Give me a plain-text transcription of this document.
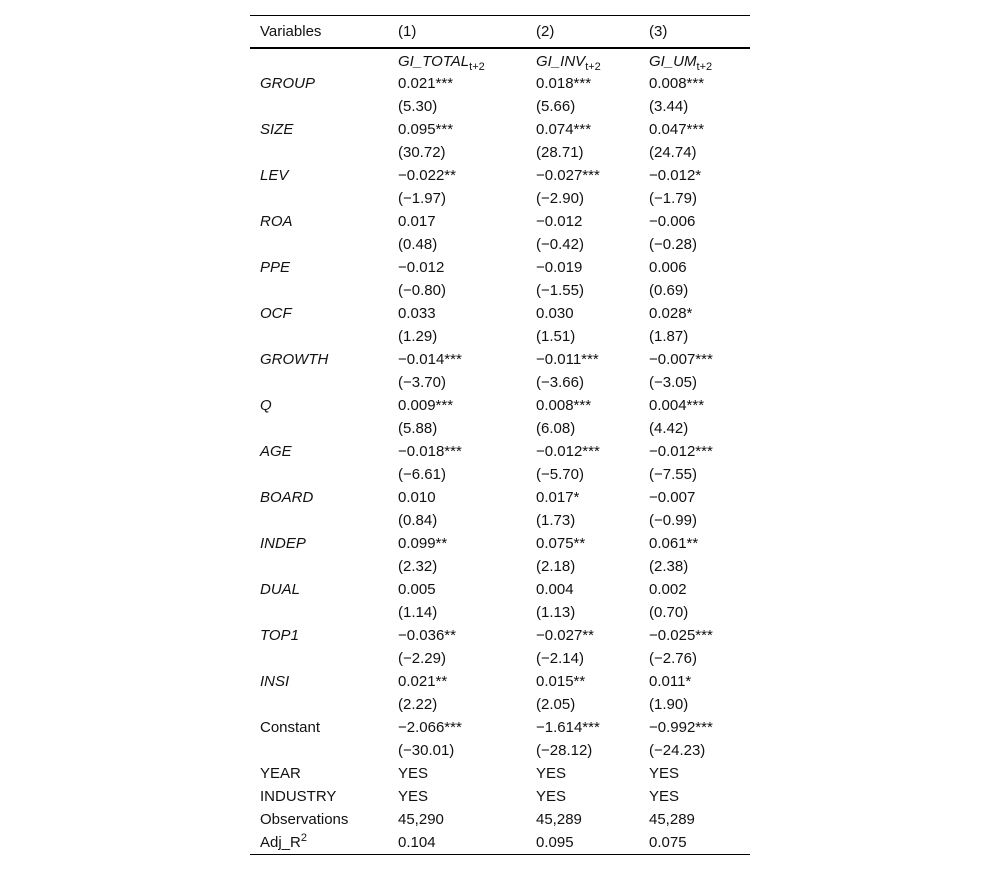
Variables	(1)	(2)	(3)
	$GI\_TOTAL_{t+2}$	$GI\_INV_{t+2}$	$GI\_UM_{t+2}$
GROUP	0.021***	0.018***	0.008***
	(5.30)	(5.66)	(3.44)
SIZE	0.095***	0.074***	0.047***
	(30.72)	(28.71)	(24.74)
LEV	−0.022**	−0.027***	−0.012*
	(−1.97)	(−2.90)	(−1.79)
ROA	0.017	−0.012	−0.006
	(0.48)	(−0.42)	(−0.28)
PPE	−0.012	−0.019	0.006
	(−0.80)	(−1.55)	(0.69)
OCF	0.033	0.030	0.028*
	(1.29)	(1.51)	(1.87)
GROWTH	−0.014***	−0.011***	−0.007***
	(−3.70)	(−3.66)	(−3.05)
Q	0.009***	0.008***	0.004***
	(5.88)	(6.08)	(4.42)
AGE	−0.018***	−0.012***	−0.012***
	(−6.61)	(−5.70)	(−7.55)
BOARD	0.010	0.017*	−0.007
	(0.84)	(1.73)	(−0.99)
INDEP	0.099**	0.075**	0.061**
	(2.32)	(2.18)	(2.38)
DUAL	0.005	0.004	0.002
	(1.14)	(1.13)	(0.70)
TOP1	−0.036**	−0.027**	−0.025***
	(−2.29)	(−2.14)	(−2.76)
INSI	0.021**	0.015**	0.011*
	(2.22)	(2.05)	(1.90)
Constant	−2.066***	−1.614***	−0.992***
	(−30.01)	(−28.12)	(−24.23)
YEAR	YES	YES	YES
INDUSTRY	YES	YES	YES
Observations	45,290	45,289	45,289
$Adj\_R^2$	0.104	0.095	0.075
